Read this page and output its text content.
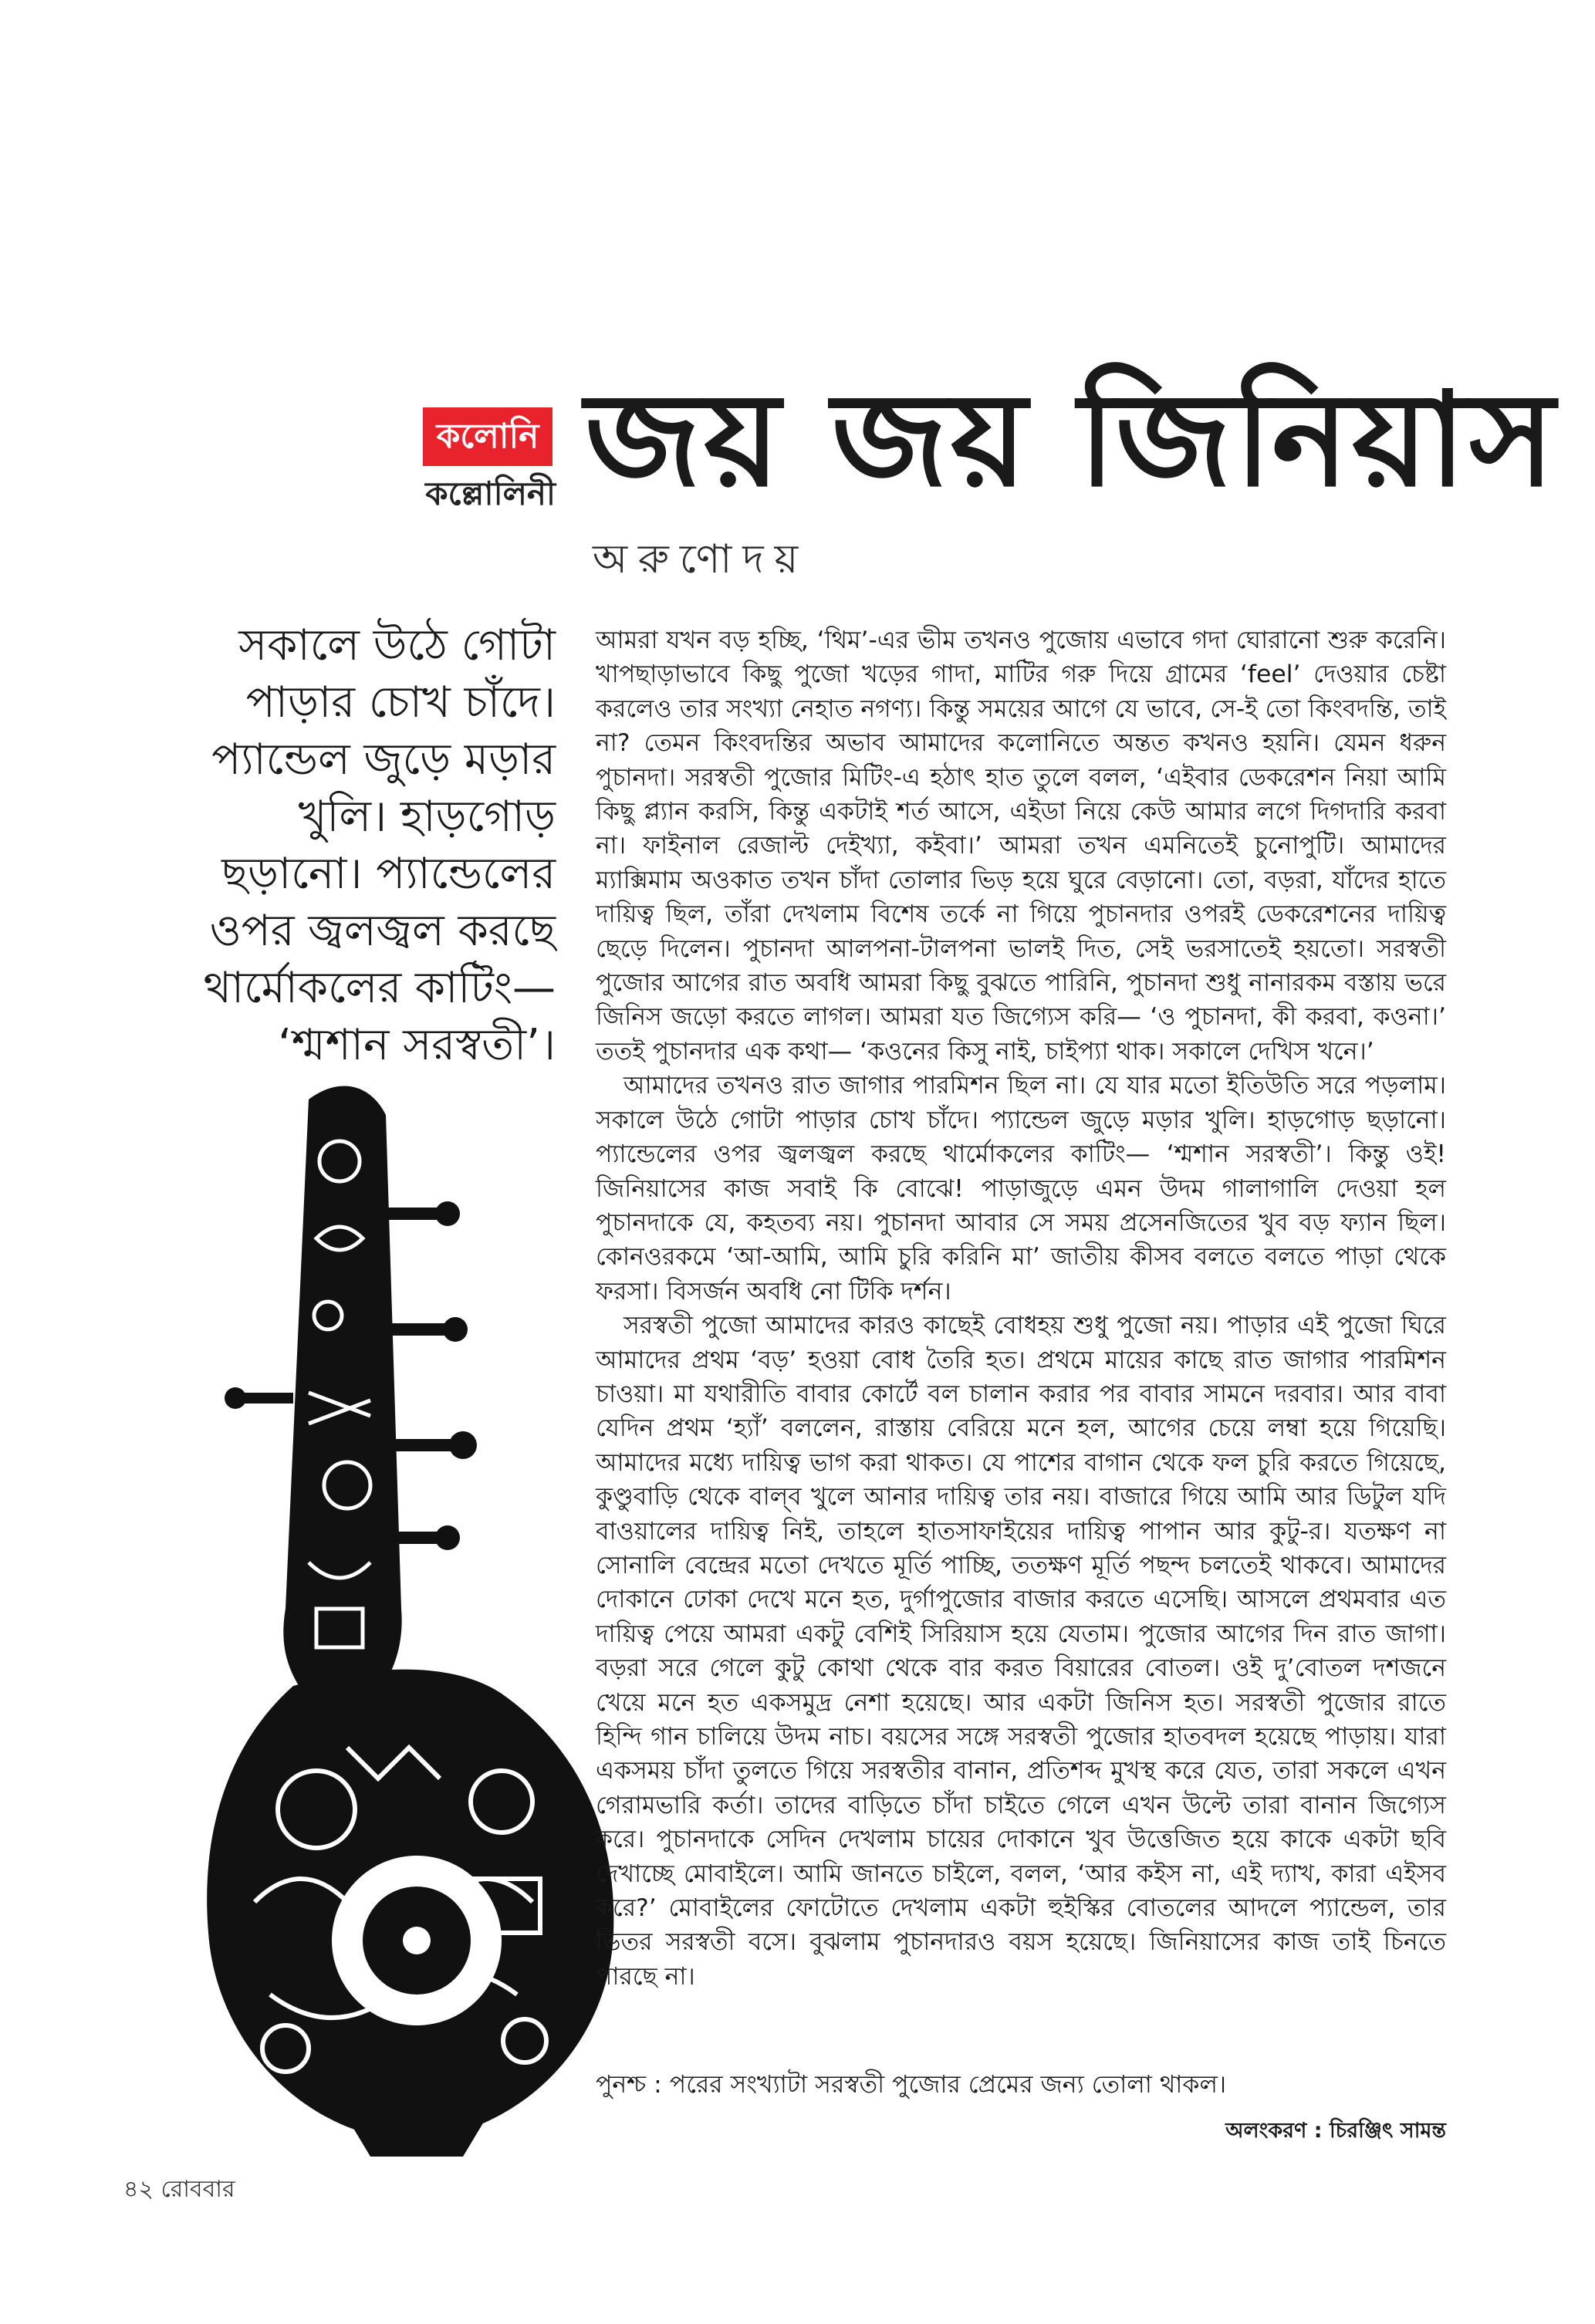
কলোনি
কল্লোলিনী জয় জয় জিনিয়াস
অরুণোদয়
সকালে উঠে গোটা পাড়ার চোখ চাঁদে। প্যান্ডেল জুড়ে মড়ার খুলি। হাড়গোড় ছড়ানো। প্যান্ডেলের ওপর জ্বলজ্বল করছে থার্মোকলের কাটিং— ‘শ্মশান সরস্বতী’।

আমরা যখন বড় হচ্ছি, ‘থিম’-এর ভীম তখনও পুজোয় এভাবে গদা ঘোরানো শুরু করেনি। খাপছাড়াভাবে কিছু পুজো খড়ের গাদা, মাটির গরু দিয়ে গ্রামের ‘feel’ দেওয়ার চেষ্টা করলেও তার সংখ্যা নেহাত নগণ্য। কিন্তু সময়ের আগে যে ভাবে, সে-ই তো কিংবদন্তি, তাই না? তেমন কিংবদন্তির অভাব আমাদের কলোনিতে অন্তত কখনও হয়নি। যেমন ধরুন পুচানদা। সরস্বতী পুজোর মিটিং-এ হঠাৎ হাত তুলে বলল, ‘এইবার ডেকরেশন নিয়া আমি কিছু প্ল্যান করসি, কিন্তু একটাই শর্ত আসে, এইডা নিয়ে কেউ আমার লগে দিগদারি করবা না। ফাইনাল রেজাল্ট দেইখ্যা, কইবা।’ আমরা তখন এমনিতেই চুনোপুটি। আমাদের ম্যাক্সিমাম অওকাত তখন চাঁদা তোলার ভিড় হয়ে ঘুরে বেড়ানো। তো, বড়রা, যাঁদের হাতে দায়িত্ব ছিল, তাঁরা দেখলাম বিশেষ তর্কে না গিয়ে পুচানদার ওপরই ডেকরেশনের দায়িত্ব ছেড়ে দিলেন। পুচানদা আলপনা-টালপনা ভালই দিত, সেই ভরসাতেই হয়তো। সরস্বতী পুজোর আগের রাত অবধি আমরা কিছু বুঝতে পারিনি, পুচানদা শুধু নানারকম বস্তায় ভরে জিনিস জড়ো করতে লাগল। আমরা যত জিগ্যেস করি— ‘ও পুচানদা, কী করবা, কওনা।’ ততই পুচানদার এক কথা— ‘কওনের কিসু নাই, চাইপ্যা থাক। সকালে দেখিস খনে।’

আমাদের তখনও রাত জাগার পারমিশন ছিল না। যে যার মতো ইতিউতি সরে পড়লাম। সকালে উঠে গোটা পাড়ার চোখ চাঁদে। প্যান্ডেল জুড়ে মড়ার খুলি। হাড়গোড় ছড়ানো। প্যান্ডেলের ওপর জ্বলজ্বল করছে থার্মোকলের কাটিং— ‘শ্মশান সরস্বতী’। কিন্তু ওই! জিনিয়াসের কাজ সবাই কি বোঝে! পাড়াজুড়ে এমন উদম গালাগালি দেওয়া হল পুচানদাকে যে, কহতব্য নয়। পুচানদা আবার সে সময় প্রসেনজিতের খুব বড় ফ্যান ছিল। কোনওরকমে ‘আ-আমি, আমি চুরি করিনি মা’ জাতীয় কীসব বলতে বলতে পাড়া থেকে ফরসা। বিসর্জন অবধি নো টিকি দর্শন।

সরস্বতী পুজো আমাদের কারও কাছেই বোধহয় শুধু পুজো নয়। পাড়ার এই পুজো ঘিরে আমাদের প্রথম ‘বড়’ হওয়া বোধ তৈরি হত। প্রথমে মায়ের কাছে রাত জাগার পারমিশন চাওয়া। মা যথারীতি বাবার কোর্টে বল চালান করার পর বাবার সামনে দরবার। আর বাবা যেদিন প্রথম ‘হ্যাঁ’ বললেন, রাস্তায় বেরিয়ে মনে হল, আগের চেয়ে লম্বা হয়ে গিয়েছি। আমাদের মধ্যে দায়িত্ব ভাগ করা থাকত। যে পাশের বাগান থেকে ফল চুরি করতে গিয়েছে, কুণ্ডুবাড়ি থেকে বাল্‌ব খুলে আনার দায়িত্ব তার নয়। বাজারে গিয়ে আমি আর ডিটুল যদি বাওয়ালের দায়িত্ব নিই, তাহলে হাতসাফাইয়ের দায়িত্ব পাপান আর কুটু-র। যতক্ষণ না সোনালি বেন্দ্রের মতো দেখতে মূর্তি পাচ্ছি, ততক্ষণ মূর্তি পছন্দ চলতেই থাকবে। আমাদের দোকানে ঢোকা দেখে মনে হত, দুর্গাপুজোর বাজার করতে এসেছি। আসলে প্রথমবার এত দায়িত্ব পেয়ে আমরা একটু বেশিই সিরিয়াস হয়ে যেতাম। পুজোর আগের দিন রাত জাগা। বড়রা সরে গেলে কুটু কোথা থেকে বার করত বিয়ারের বোতল। ওই দু’বোতল দশজনে খেয়ে মনে হত একসমুদ্র নেশা হয়েছে। আর একটা জিনিস হত। সরস্বতী পুজোর রাতে হিন্দি গান চালিয়ে উদম নাচ। বয়সের সঙ্গে সরস্বতী পুজোর হাতবদল হয়েছে পাড়ায়। যারা একসময় চাঁদা তুলতে গিয়ে সরস্বতীর বানান, প্রতিশব্দ মুখস্থ করে যেত, তারা সকলে এখন গেরামভারি কর্তা। তাদের বাড়িতে চাঁদা চাইতে গেলে এখন উল্টে তারা বানান জিগ্যেস করে। পুচানদাকে সেদিন দেখলাম চায়ের দোকানে খুব উত্তেজিত হয়ে কাকে একটা ছবি দেখাচ্ছে মোবাইলে। আমি জানতে চাইলে, বলল, ‘আর কইস না, এই দ্যাখ, কারা এইসব করে?’ মোবাইলের ফোটোতে দেখলাম একটা হুইস্কির বোতলের আদলে প্যান্ডেল, তার ভিতর সরস্বতী বসে। বুঝলাম পুচানদারও বয়স হয়েছে। জিনিয়াসের কাজ তাই চিনতে পারছে না।

পুনশ্চ : পরের সংখ্যাটা সরস্বতী পুজোর প্রেমের জন্য তোলা থাকল।
অলংকরণ : চিরঞ্জিৎ সামন্ত
৪২ রোববার
